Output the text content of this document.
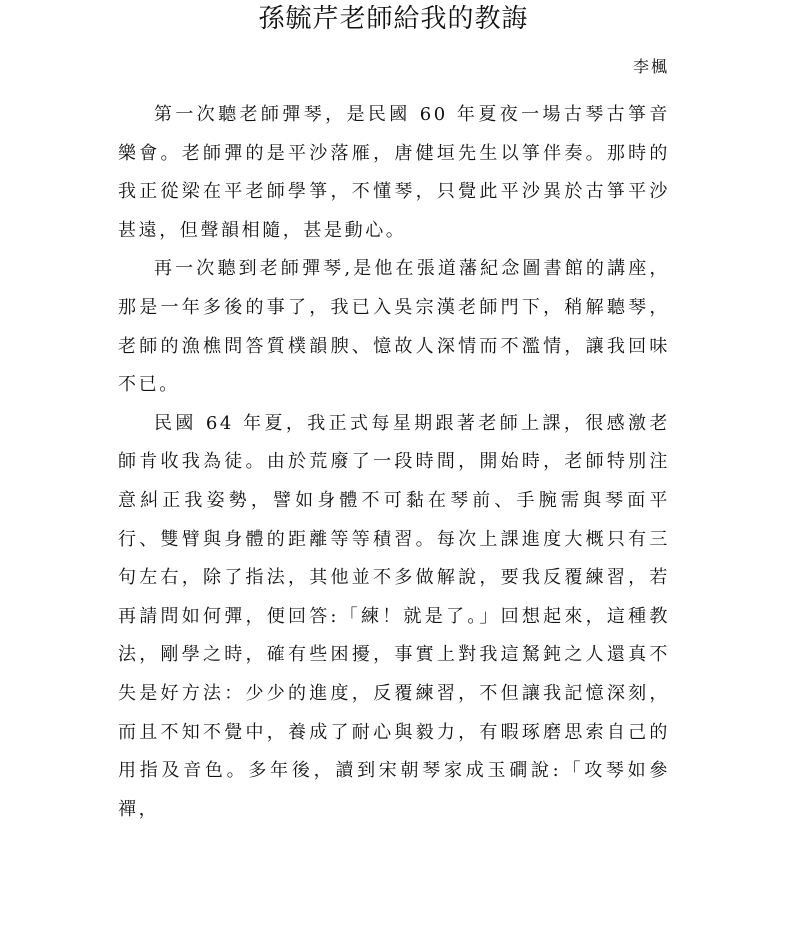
孫毓芹老師給我的教誨
李楓

第一次聽老師彈琴，是民國 60 年夏夜一場古琴古箏音樂會。老師彈的是平沙落雁，唐健垣先生以箏伴奏。那時的我正從梁在平老師學箏，不懂琴，只覺此平沙異於古箏平沙甚遠，但聲韻相隨，甚是動心。

再一次聽到老師彈琴,是他在張道藩紀念圖書館的講座，那是一年多後的事了，我已入吳宗漢老師門下，稍解聽琴，老師的漁樵問答質樸韻腴、憶故人深情而不濫情，讓我回味不已。

民國 64 年夏，我正式每星期跟著老師上課，很感激老師肯收我為徒。由於荒廢了一段時間，開始時，老師特別注意糾正我姿勢，譬如身體不可黏在琴前、手腕需與琴面平行、雙臂與身體的距離等等積習。每次上課進度大概只有三句左右，除了指法，其他並不多做解說，要我反覆練習，若再請問如何彈，便回答:「練！就是了。」回想起來，這種教法，剛學之時，確有些困擾，事實上對我這駑鈍之人還真不失是好方法：少少的進度，反覆練習，不但讓我記憶深刻，而且不知不覺中，養成了耐心與毅力，有暇琢磨思索自己的用指及音色。多年後，讀到宋朝琴家成玉磵說:「攻琴如參禪，
